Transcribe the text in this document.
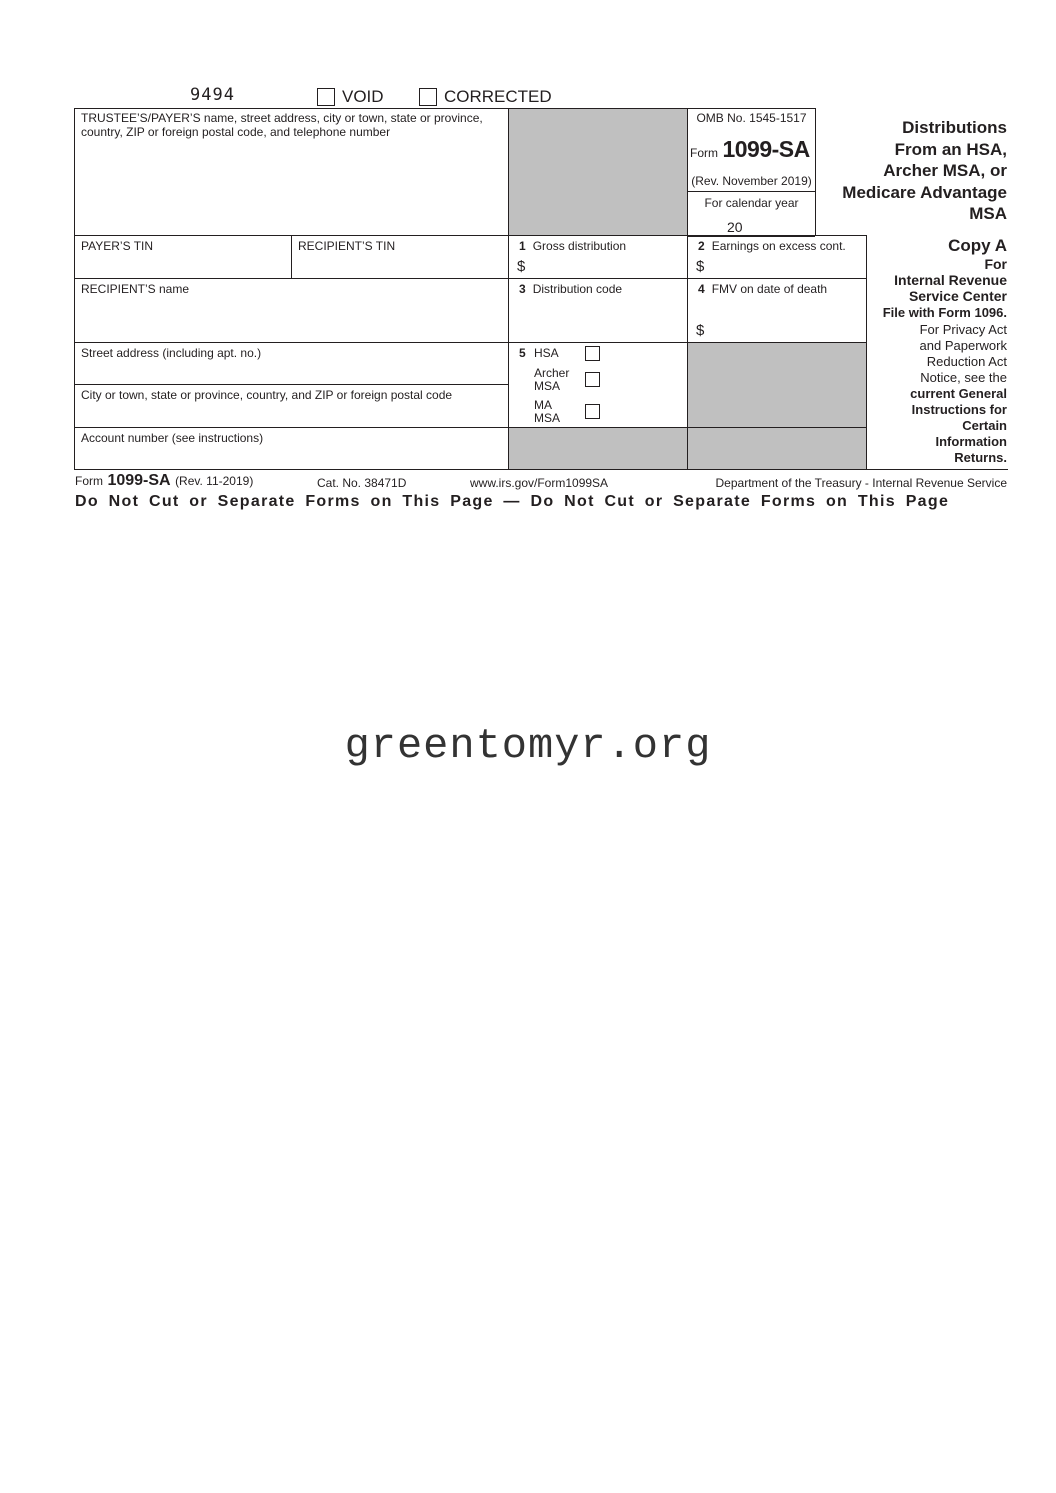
9494	VOID	CORRECTED
TRUSTEE’S/PAYER’S name, street address, city or town, state or province, country, ZIP or foreign postal code, and telephone number
PAYER’S TIN	RECIPIENT’S TIN
RECIPIENT’S name
Street address (including apt. no.)
City or town, state or province, country, and ZIP or foreign postal code
Account number (see instructions)
1 Gross distribution
$
2 Earnings on excess cont.
$
3 Distribution code	4 FMV on date of death
$
5 HSA
Archer
MSA
MA
MSA
OMB No. 1545-1517
Form 1099-SA
(Rev. November 2019)
For calendar year
20
Distributions
From an HSA,
Archer MSA, or
Medicare Advantage
MSA
Copy A
For
Internal Revenue
Service Center
File with Form 1096.
For Privacy Act
and Paperwork
Reduction Act
Notice, see the
current General
Instructions for
Certain
Information
Returns.
Form 1099-SA (Rev. 11-2019)	Cat. No. 38471D	www.irs.gov/Form1099SA	Department of the Treasury - Internal Revenue Service
Do Not Cut or Separate Forms on This Page — Do Not Cut or Separate Forms on This Page
greentomyr.org
